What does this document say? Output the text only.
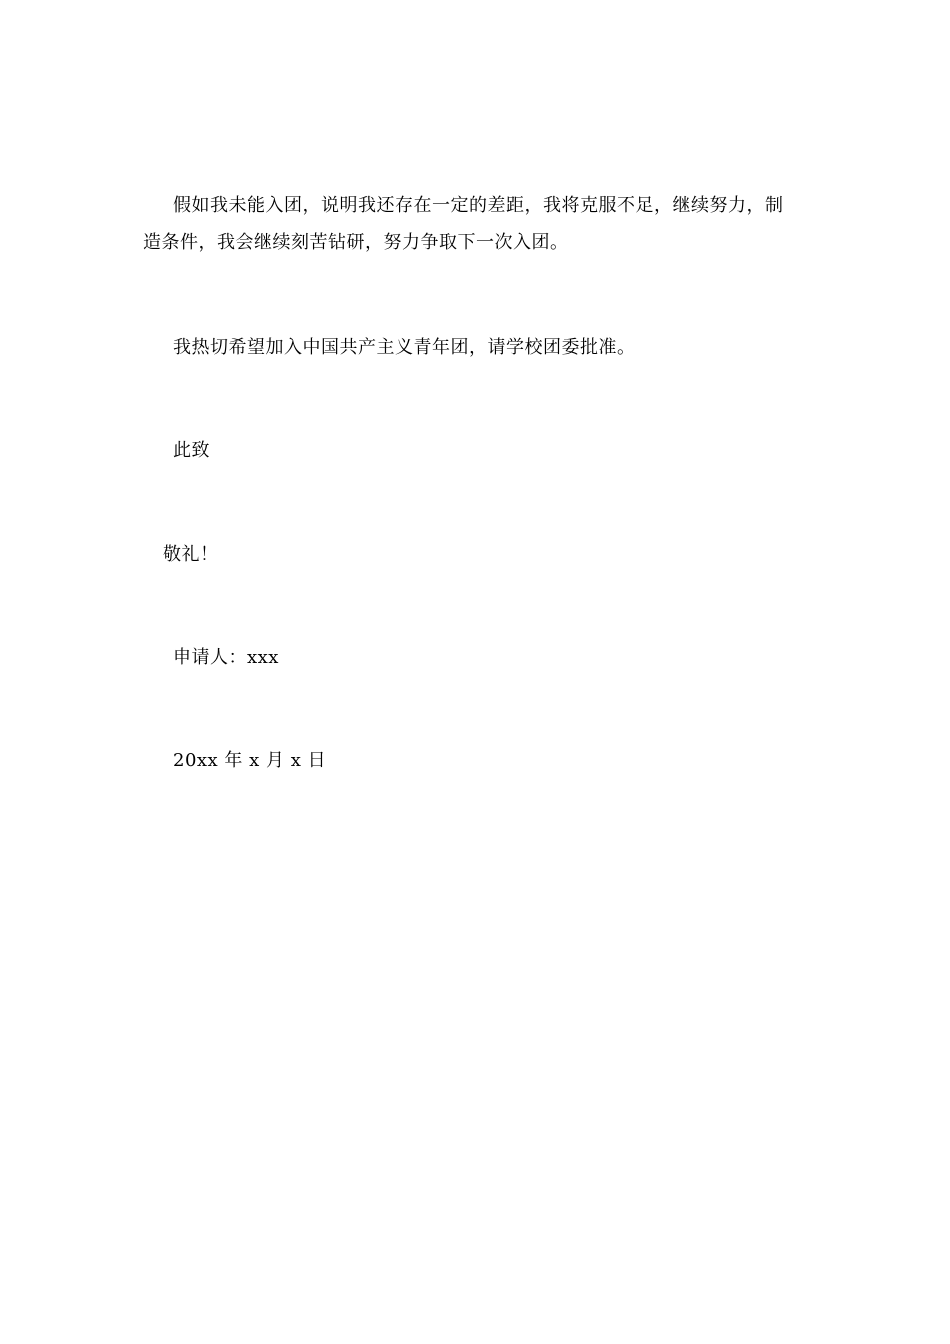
假如我未能入团，说明我还存在一定的差距，我将克服不足，继续努力，制
造条件，我会继续刻苦钻研，努力争取下一次入团。
我热切希望加入中国共产主义青年团，请学校团委批准。
此致
敬礼！
申请人：xxx
20xx 年 x 月 x 日
